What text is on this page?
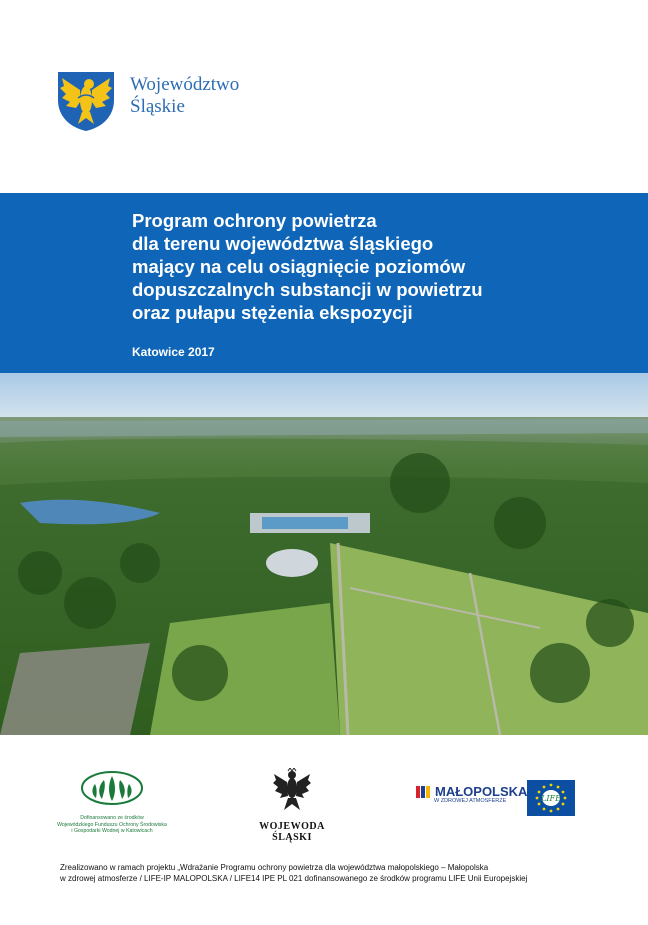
Województwo
Śląskie
Program ochrony powietrza
dla terenu województwa śląskiego
mający na celu osiągnięcie poziomów
dopuszczalnych substancji w powietrzu
oraz pułapu stężenia ekspozycji
Katowice 2017
Dofinansowano ze środków
Wojewódzkiego Funduszu Ochrony Środowiska
i Gospodarki Wodnej w Katowicach	WOJEWODA ŚLĄSKI
MAŁOPOLSKA
W ZDROWEJ ATMOSFERZE	LIFE
Zrealizowano w ramach projektu „Wdrażanie Programu ochrony powietrza dla województwa małopolskiego – Małopolska
w zdrowej atmosferze / LIFE-IP MALOPOLSKA / LIFE14 IPE PL 021 dofinansowanego ze środków programu LIFE Unii Europejskiej
